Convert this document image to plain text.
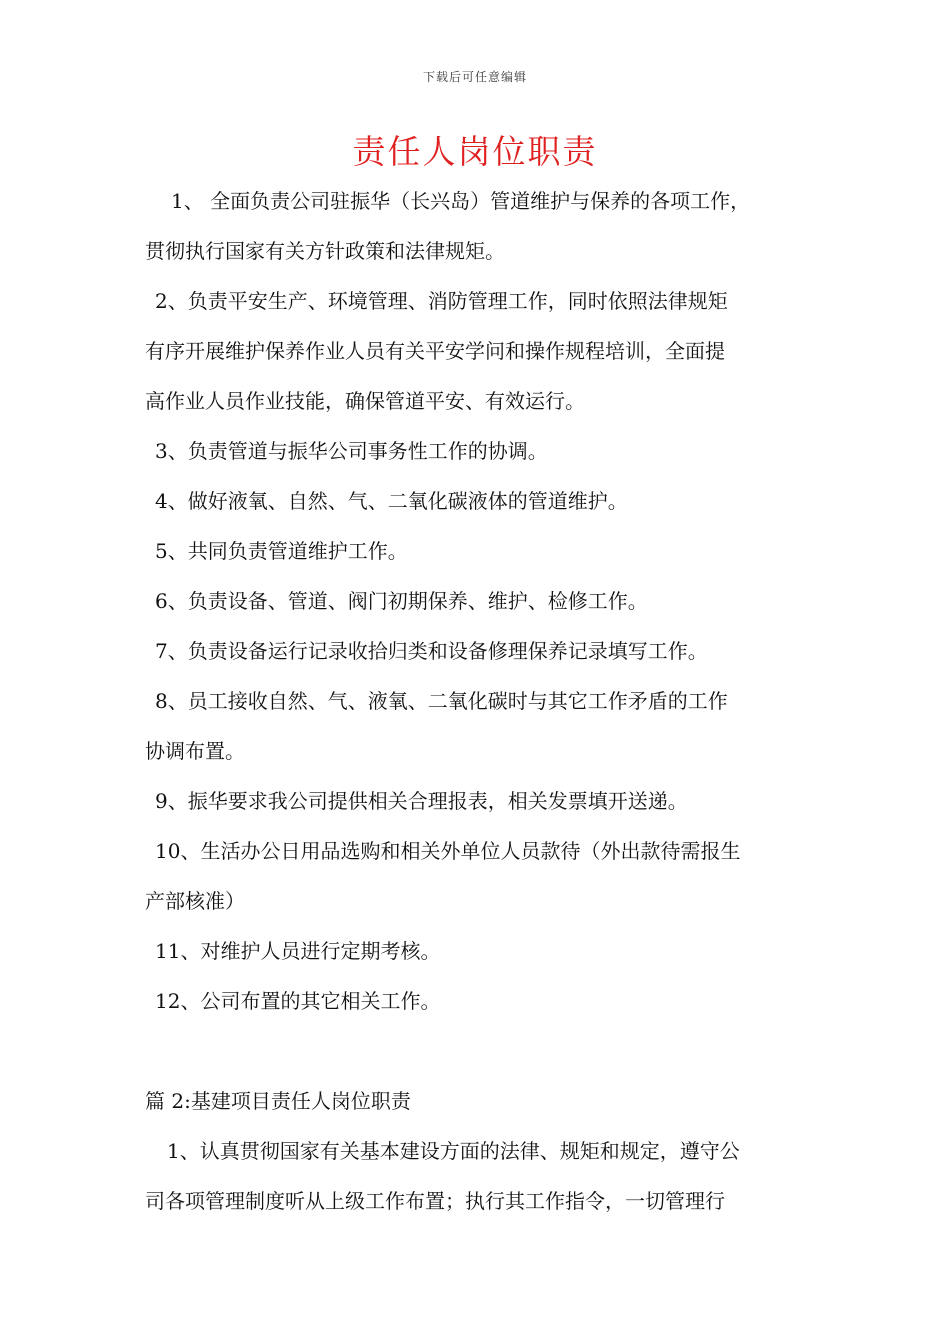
下载后可任意编辑
责任人岗位职责

1、 全面负责公司驻振华（长兴岛）管道维护与保养的各项工作，

贯彻执行国家有关方针政策和法律规矩。

2、负责平安生产、环境管理、消防管理工作，同时依照法律规矩

有序开展维护保养作业人员有关平安学问和操作规程培训，全面提

高作业人员作业技能，确保管道平安、有效运行。

3、负责管道与振华公司事务性工作的协调。

4、做好液氧、自然、气、二氧化碳液体的管道维护。

5、共同负责管道维护工作。

6、负责设备、管道、阀门初期保养、维护、检修工作。

7、负责设备运行记录收拾归类和设备修理保养记录填写工作。

8、员工接收自然、气、液氧、二氧化碳时与其它工作矛盾的工作

协调布置。

9、振华要求我公司提供相关合理报表，相关发票填开送递。

10、生活办公日用品选购和相关外单位人员款待（外出款待需报生

产部核准）

11、对维护人员进行定期考核。

12、公司布置的其它相关工作。

篇 2:基建项目责任人岗位职责

1、认真贯彻国家有关基本建设方面的法律、规矩和规定，遵守公

司各项管理制度听从上级工作布置；执行其工作指令，一切管理行
